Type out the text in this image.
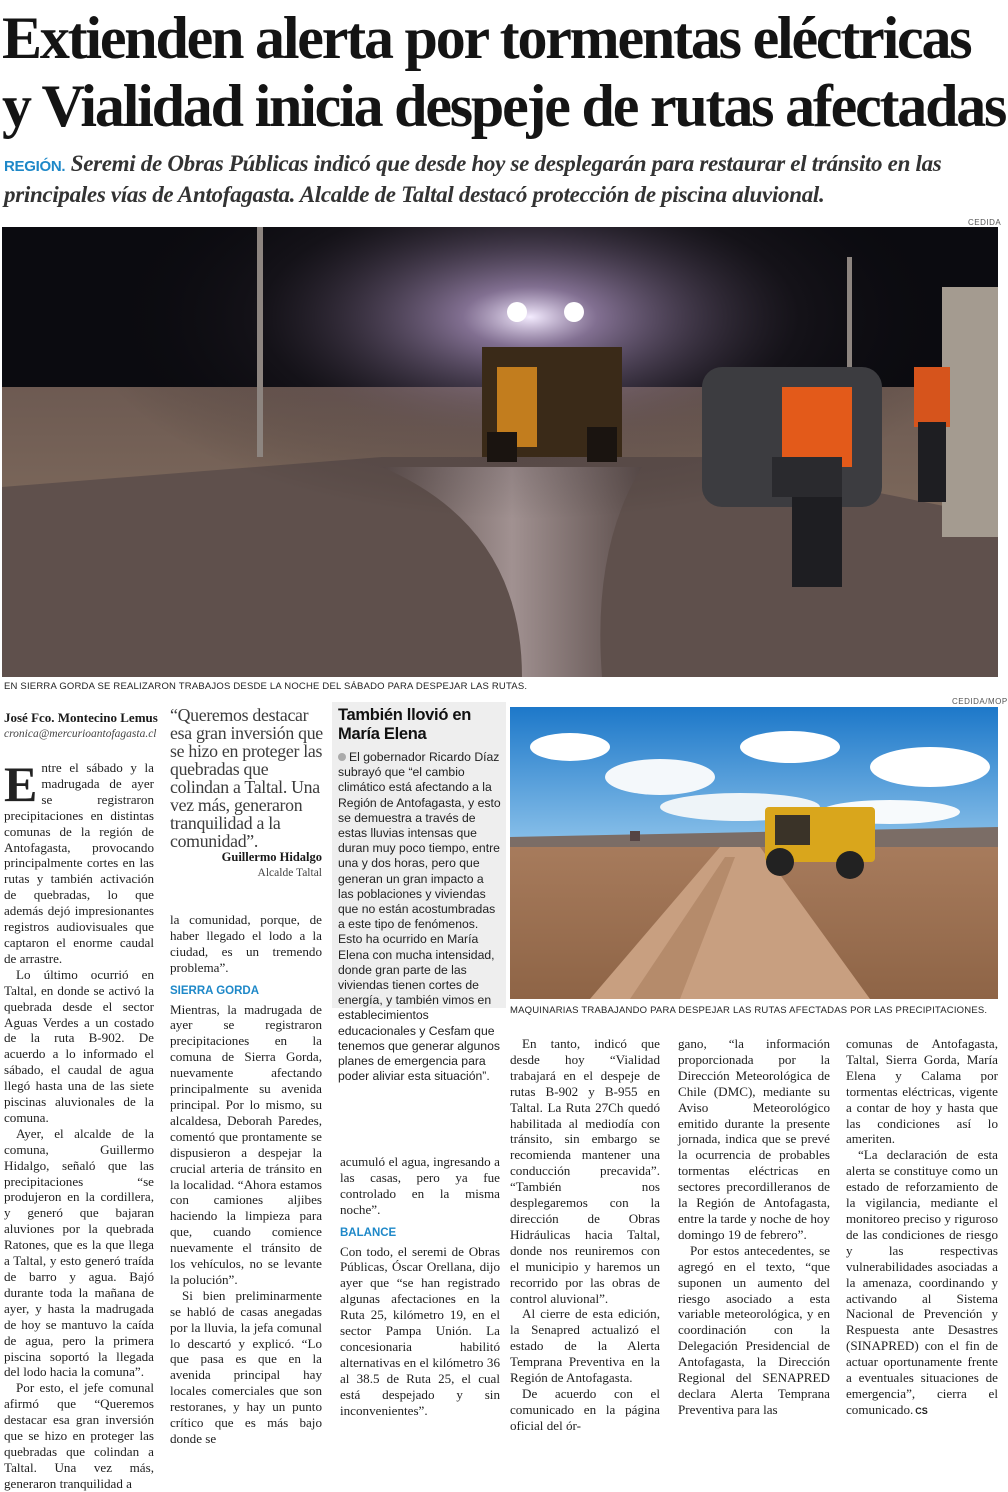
Extienden alerta por tormentas eléctricas
y Vialidad inicia despeje de rutas afectadas
REGIÓN. Seremi de Obras Públicas indicó que desde hoy se desplegarán para restaurar el tránsito en las principales vías de Antofagasta. Alcalde de Taltal destacó protección de piscina aluvional.
CEDIDA
EN SIERRA GORDA SE REALIZARON TRABAJOS DESDE LA NOCHE DEL SÁBADO PARA DESPEJAR LAS RUTAS.
José Fco. Montecino Lemus
cronica@mercurioantofagasta.cl

Entre el sábado y la madrugada de ayer se registraron precipitaciones en distintas comunas de la región de Antofagasta, provocando principalmente cortes en las rutas y también activación de quebradas, lo que además dejó impresionantes registros audiovisuales que captaron el enorme caudal de arrastre.

Lo último ocurrió en Taltal, en donde se activó la quebrada desde el sector Aguas Verdes a un costado de la ruta B-902. De acuerdo a lo informado el sábado, el caudal de agua llegó hasta una de las siete piscinas aluvionales de la comuna.

Ayer, el alcalde de la comuna, Guillermo Hidalgo, señaló que las precipitaciones “se produjeron en la cordillera, y generó que bajaran aluviones por la quebrada Ratones, que es la que llega a Taltal, y esto generó traída de barro y agua. Bajó durante toda la mañana de ayer, y hasta la madrugada de hoy se mantuvo la caída de agua, pero la primera piscina soportó la llegada del lodo hacia la comuna”.

Por esto, el jefe comunal afirmó que “Queremos destacar esa gran inversión que se hizo en proteger las quebradas que colindan a Taltal. Una vez más, generaron tranquilidad a

“Queremos destacar esa gran inversión que se hizo en proteger las quebradas que colindan a Taltal. Una vez más, generaron tranquilidad a la comunidad”.
Guillermo Hidalgo
Alcalde Taltal

la comunidad, porque, de haber llegado el lodo a la ciudad, es un tremendo problema”.

SIERRA GORDA

Mientras, la madrugada de ayer se registraron precipitaciones en la comuna de Sierra Gorda, nuevamente afectando principalmente su avenida principal. Por lo mismo, su alcaldesa, Deborah Paredes, comentó que prontamente se dispusieron a despejar la crucial arteria de tránsito en la localidad. “Ahora estamos con camiones aljibes haciendo la limpieza para que, cuando comience nuevamente el tránsito de los vehículos, no se levante la polución”.

Si bien preliminarmente se habló de casas anegadas por la lluvia, la jefa comunal lo descartó y explicó. “Lo que pasa es que en la avenida principal hay locales comerciales que son restoranes, y hay un punto crítico que es más bajo donde se

También llovió en María Elena
El gobernador Ricardo Díaz subrayó que “el cambio climático está afectando a la Región de Antofagasta, y esto se demuestra a través de estas lluvias intensas que duran muy poco tiempo, entre una y dos horas, pero que generan un gran impacto a las poblaciones y viviendas que no están acostumbradas a este tipo de fenómenos. Esto ha ocurrido en María Elena con mucha intensidad, donde gran parte de las viviendas tienen cortes de energía, y también vimos en establecimientos educacionales y Cesfam que tenemos que generar algunos planes de emergencia para poder aliviar esta situación”.

acumuló el agua, ingresando a las casas, pero ya fue controlado en la misma noche”.

BALANCE

Con todo, el seremi de Obras Públicas, Óscar Orellana, dijo ayer que “se han registrado algunas afectaciones en la Ruta 25, kilómetro 19, en el sector Pampa Unión. La concesionaria habilitó alternativas en el kilómetro 36 al 38.5 de Ruta 25, el cual está despejado y sin inconvenientes”.

CEDIDA/MOP
MAQUINARIAS TRABAJANDO PARA DESPEJAR LAS RUTAS AFECTADAS POR LAS PRECIPITACIONES.

En tanto, indicó que desde hoy “Vialidad trabajará en el despeje de rutas B-902 y B-955 en Taltal. La Ruta 27Ch quedó habilitada al mediodía con tránsito, sin embargo se recomienda mantener una conducción precavida”. “También nos desplegaremos con la dirección de Obras Hidráulicas hacia Taltal, donde nos reuniremos con el municipio y haremos un recorrido por las obras de control aluvional”.

Al cierre de esta edición, la Senapred actualizó el estado de la Alerta Temprana Preventiva en la Región de Antofagasta.

De acuerdo con el comunicado en la página oficial del ór-

gano, “la información proporcionada por la Dirección Meteorológica de Chile (DMC), mediante su Aviso Meteorológico emitido durante la presente jornada, indica que se prevé la ocurrencia de probables tormentas eléctricas en sectores precordilleranos de la Región de Antofagasta, entre la tarde y noche de hoy domingo 19 de febrero”.

Por estos antecedentes, se agregó en el texto, “que suponen un aumento del riesgo asociado a esta variable meteorológica, y en coordinación con la Delegación Presidencial de Antofagasta, la Dirección Regional del SENAPRED declara Alerta Temprana Preventiva para las

comunas de Antofagasta, Taltal, Sierra Gorda, María Elena y Calama por tormentas eléctricas, vigente a contar de hoy y hasta que las condiciones así lo ameriten.

“La declaración de esta alerta se constituye como un estado de reforzamiento de la vigilancia, mediante el monitoreo preciso y riguroso de las condiciones de riesgo y las respectivas vulnerabilidades asociadas a la amenaza, coordinando y activando al Sistema Nacional de Prevención y Respuesta ante Desastres (SINAPRED) con el fin de actuar oportunamente frente a eventuales situaciones de emergencia”, cierra el comunicado. CS
